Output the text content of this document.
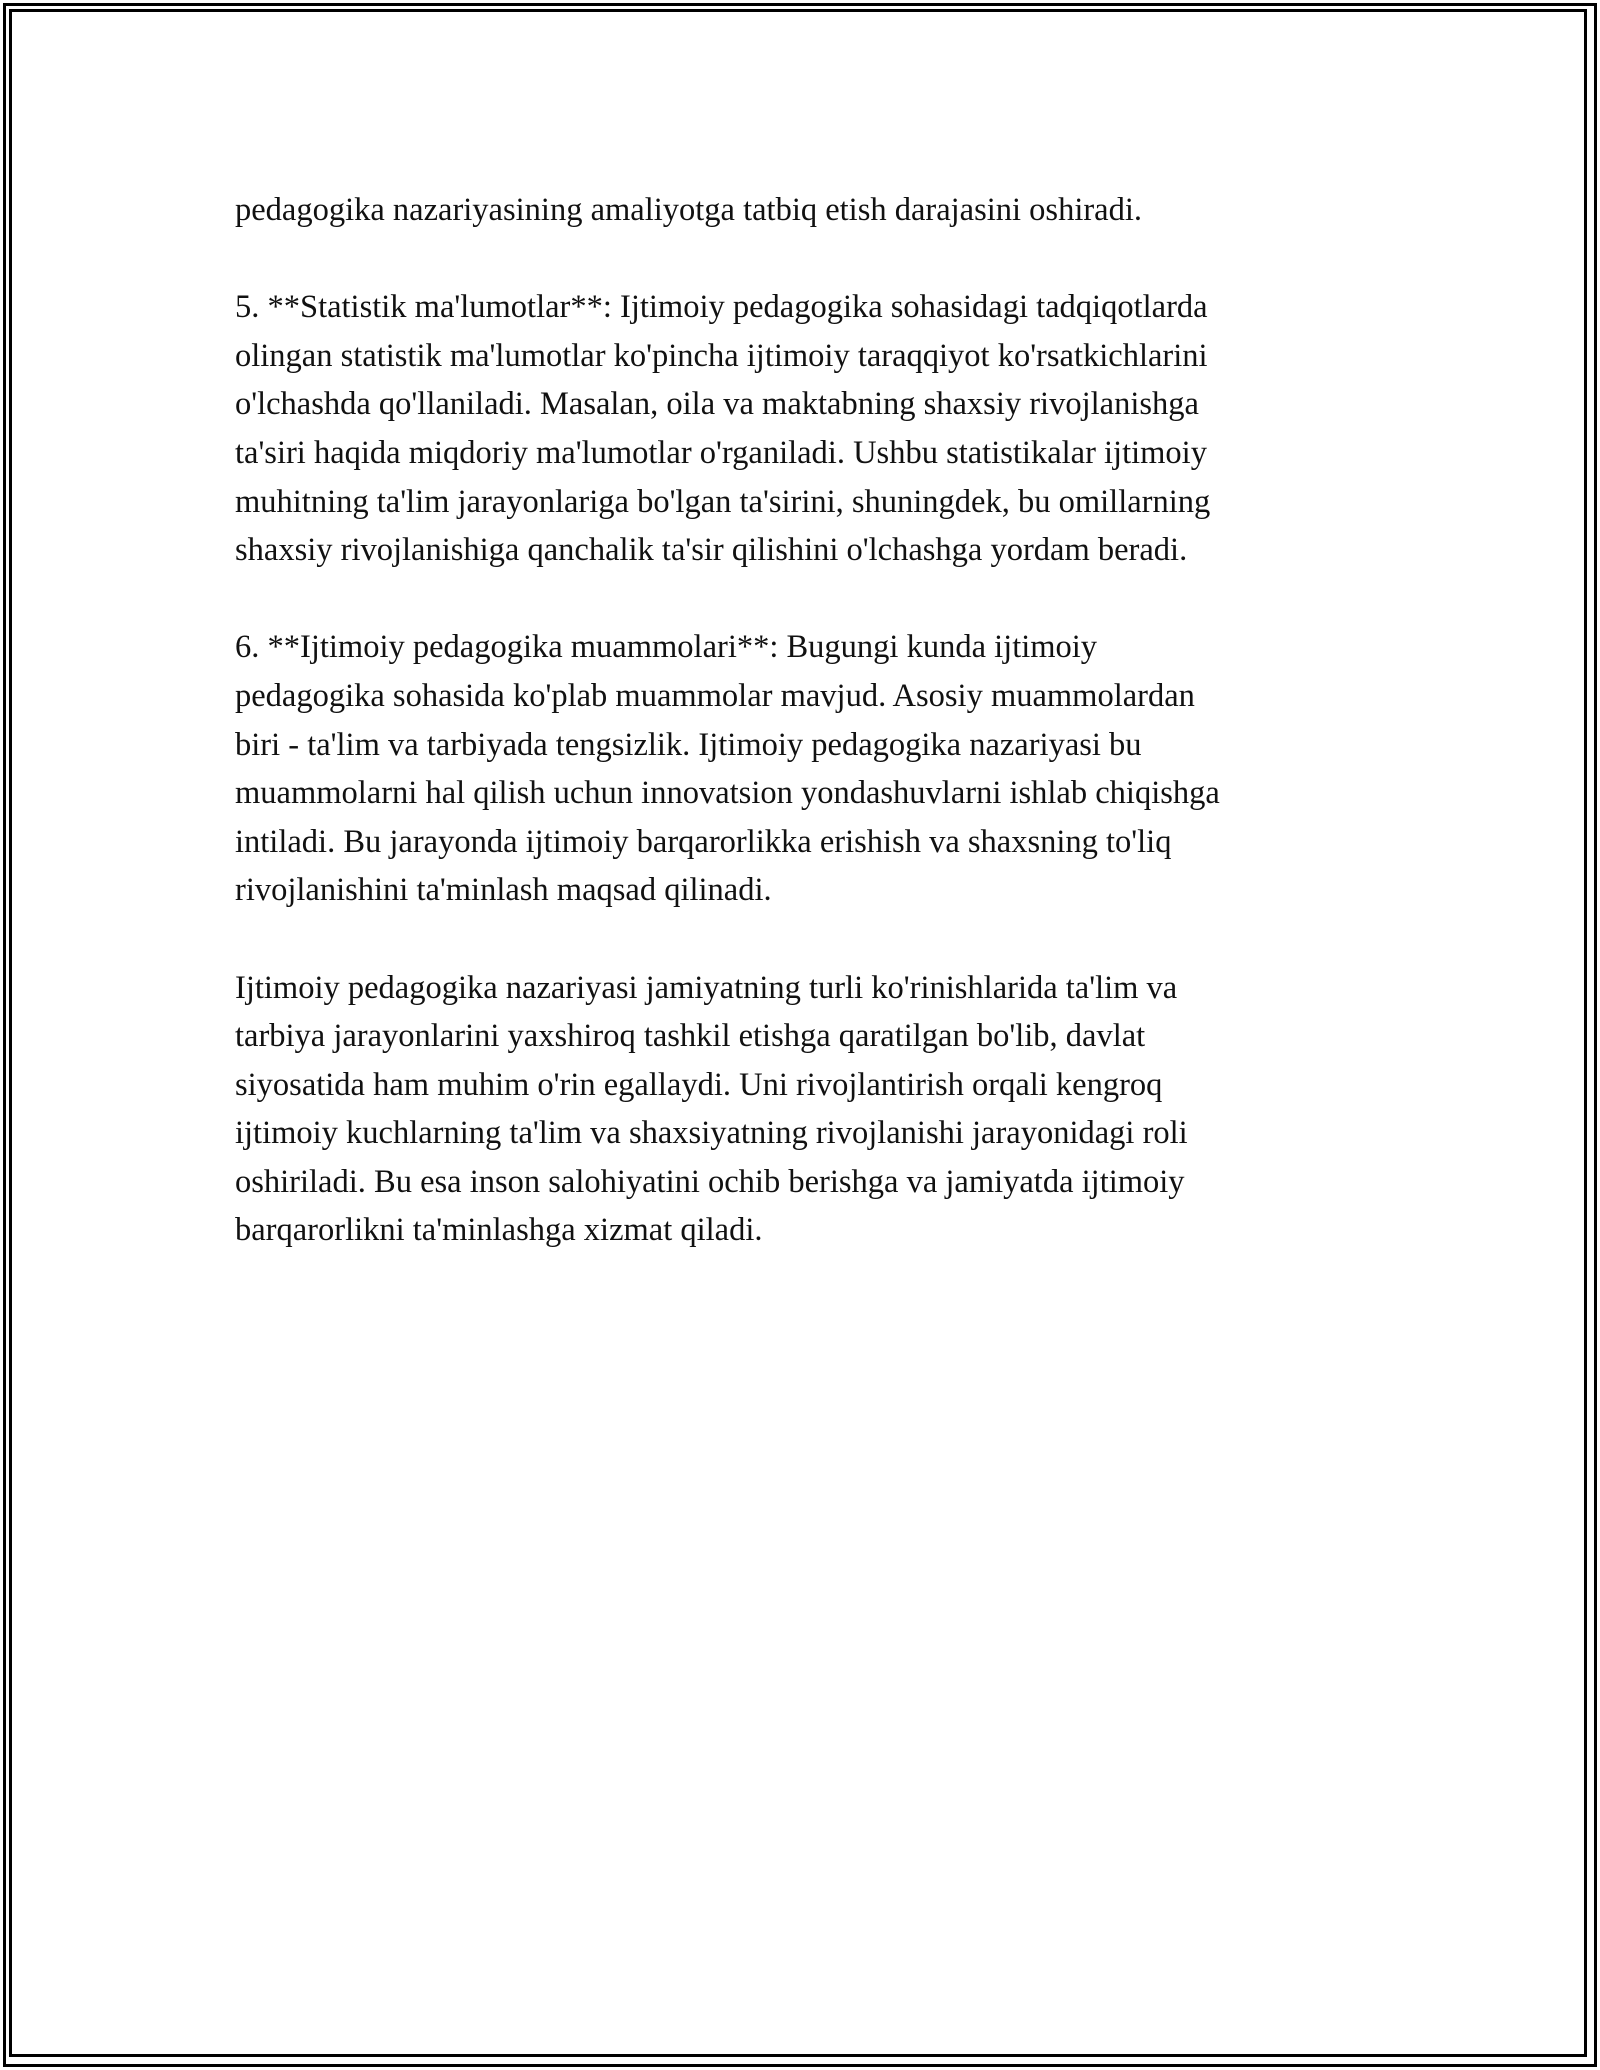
pedagogika nazariyasining amaliyotga tatbiq etish darajasini oshiradi.

5. **Statistik ma'lumotlar**: Ijtimoiy pedagogika sohasidagi tadqiqotlarda
olingan statistik ma'lumotlar ko'pincha ijtimoiy taraqqiyot ko'rsatkichlarini
o'lchashda qo'llaniladi. Masalan, oila va maktabning shaxsiy rivojlanishga
ta'siri haqida miqdoriy ma'lumotlar o'rganiladi. Ushbu statistikalar ijtimoiy
muhitning ta'lim jarayonlariga bo'lgan ta'sirini, shuningdek, bu omillarning
shaxsiy rivojlanishiga qanchalik ta'sir qilishini o'lchashga yordam beradi.

6. **Ijtimoiy pedagogika muammolari**: Bugungi kunda ijtimoiy
pedagogika sohasida ko'plab muammolar mavjud. Asosiy muammolardan
biri - ta'lim va tarbiyada tengsizlik. Ijtimoiy pedagogika nazariyasi bu
muammolarni hal qilish uchun innovatsion yondashuvlarni ishlab chiqishga
intiladi. Bu jarayonda ijtimoiy barqarorlikka erishish va shaxsning to'liq
rivojlanishini ta'minlash maqsad qilinadi.

Ijtimoiy pedagogika nazariyasi jamiyatning turli ko'rinishlarida ta'lim va
tarbiya jarayonlarini yaxshiroq tashkil etishga qaratilgan bo'lib, davlat
siyosatida ham muhim o'rin egallaydi. Uni rivojlantirish orqali kengroq
ijtimoiy kuchlarning ta'lim va shaxsiyatning rivojlanishi jarayonidagi roli
oshiriladi. Bu esa inson salohiyatini ochib berishga va jamiyatda ijtimoiy
barqarorlikni ta'minlashga xizmat qiladi.
